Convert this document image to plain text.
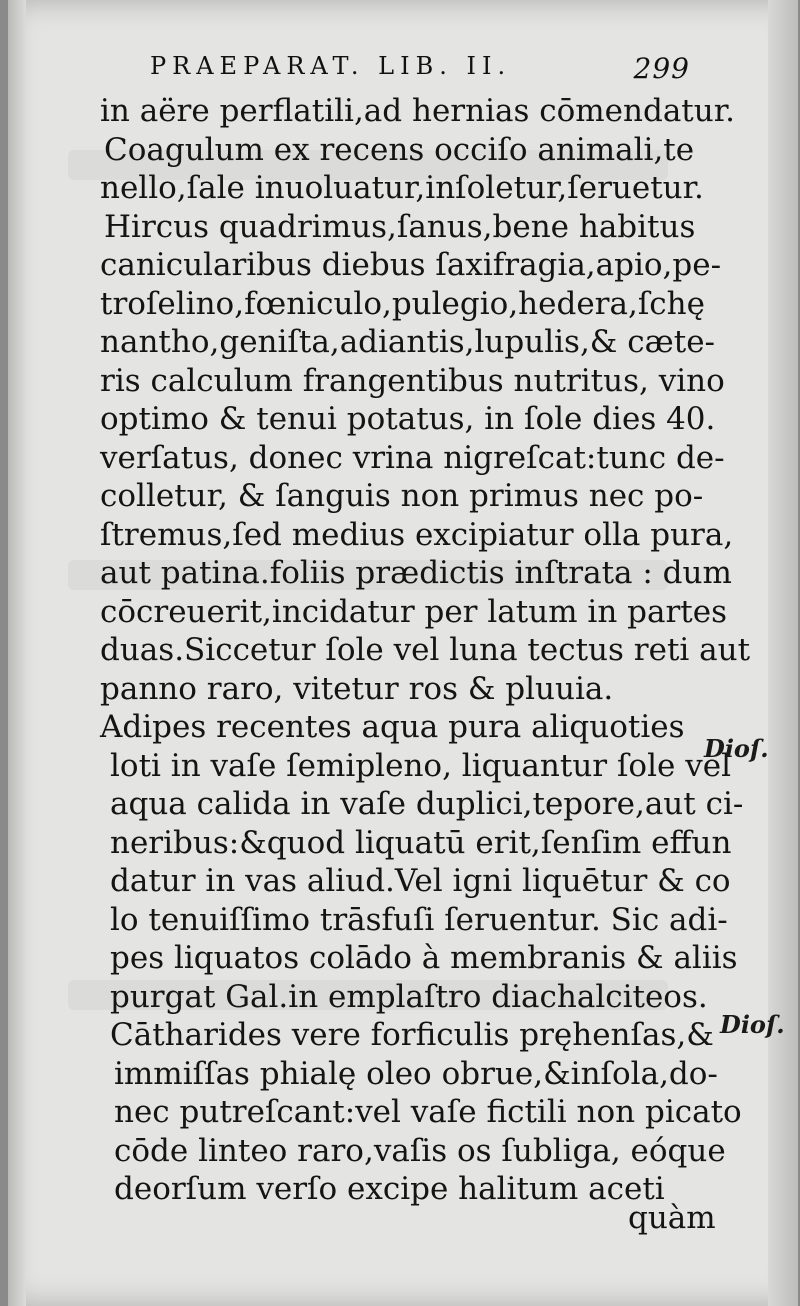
PRAEPARAT. LIB. II.	299
in aëre perflatili,ad hernias cōmendatur.
Coagulum ex recens occiſo animali,te
nello,ſale inuoluatur,inſoletur,ſeruetur.
Hircus quadrimus,ſanus,bene habitus
canicularibus diebus ſaxifragia,apio,pe-
troſelino,fœniculo,pulegio,hedera,ſchę
nantho,geniſta,adiantis,lupulis,& cæte-
ris calculum frangentibus nutritus, vino
optimo & tenui potatus, in ſole dies 40.
verſatus, donec vrina nigreſcat:tunc de-
colletur, & ſanguis non primus nec po-
ſtremus,ſed medius excipiatur olla pura,
aut patina.foliis prædictis inſtrata : dum
cōcreuerit,incidatur per latum in partes
duas.Siccetur ſole vel luna tectus reti aut
panno raro, vitetur ros & pluuia.
Adipes recentes aqua pura aliquoties
loti in vaſe ſemipleno, liquantur ſole vel
aqua calida in vaſe duplici,tepore,aut ci-
neribus:&quod liquatū erit,ſenſim effun
datur in vas aliud.Vel igni liquētur & co
lo tenuiſſimo trāsfuſi ſeruentur. Sic adi-
pes liquatos colādo à membranis & aliis
purgat Gal.in emplaſtro diachalciteos.
Cātharides vere forficulis pręhenſas,&
immiſſas phialę oleo obrue,&inſola,do-
nec putreſcant:vel vaſe fictili non picato
cōde linteo raro,vaſis os ſubliga, eóque
deorſum verſo excipe halitum aceti
quàm
Dioſ.
Dioſ.
